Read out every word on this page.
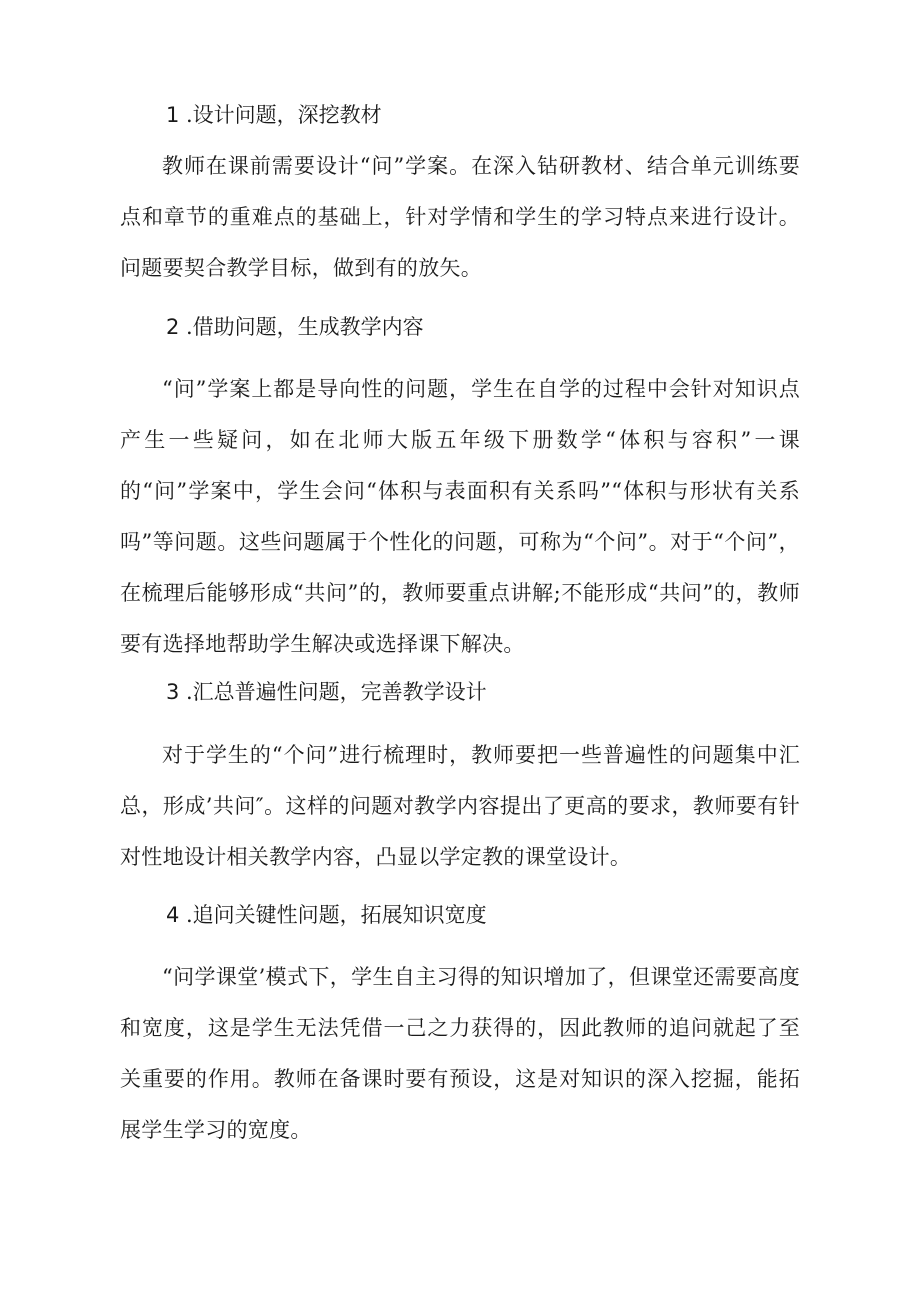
1 .设计问题，深挖教材
教师在课前需要设计“问”学案。在深入钻研教材、结合单元训练要点和章节的重难点的基础上，针对学情和学生的学习特点来进行设计。问题要契合教学目标，做到有的放矢。
2 .借助问题，生成教学内容
“问”学案上都是导向性的问题，学生在自学的过程中会针对知识点产生一些疑问，如在北师大版五年级下册数学“体积与容积”一课的“问”学案中，学生会问“体积与表面积有关系吗”“体积与形状有关系吗”等问题。这些问题属于个性化的问题，可称为“个问”。对于“个问”，在梳理后能够形成“共问”的，教师要重点讲解;不能形成“共问”的，教师要有选择地帮助学生解决或选择课下解决。
3 .汇总普遍性问题，完善教学设计
对于学生的“个问”进行梳理时，教师要把一些普遍性的问题集中汇总，形成’共问″。这样的问题对教学内容提出了更高的要求，教师要有针对性地设计相关教学内容，凸显以学定教的课堂设计。
4 .追问关键性问题，拓展知识宽度
“问学课堂’模式下，学生自主习得的知识增加了，但课堂还需要高度和宽度，这是学生无法凭借一己之力获得的，因此教师的追问就起了至关重要的作用。教师在备课时要有预设，这是对知识的深入挖掘，能拓展学生学习的宽度。
